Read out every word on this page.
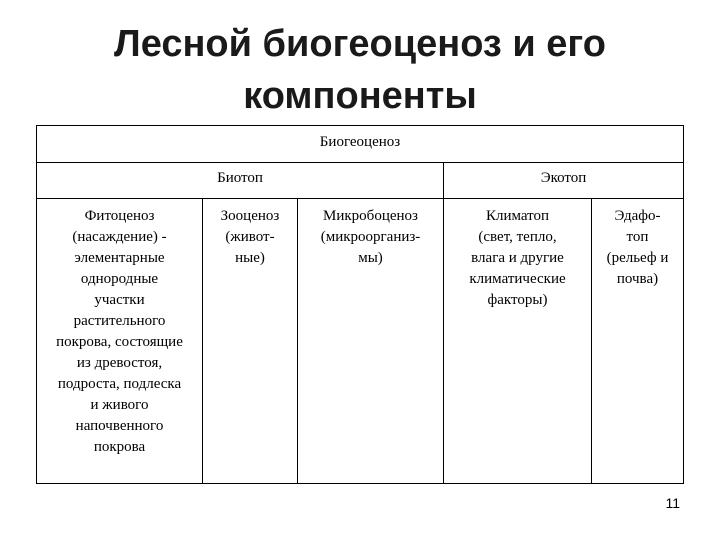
Лесной биогеоценоз и его
компоненты
Биогеоценоз
Биотоп	Экотоп
Фитоценоз
(насаждение) -
элементарные
однородные
участки
растительного
покрова, состоящие
из древостоя,
подроста, подлеска
и живого
напочвенного
покрова
Зооценоз
(живот-
ные)
Микробоценоз
(микроорганиз-
мы)
Климатоп
(свет, тепло,
влага и другие
климатические
факторы)
Эдафо-
топ
(рельеф и
почва)
11
